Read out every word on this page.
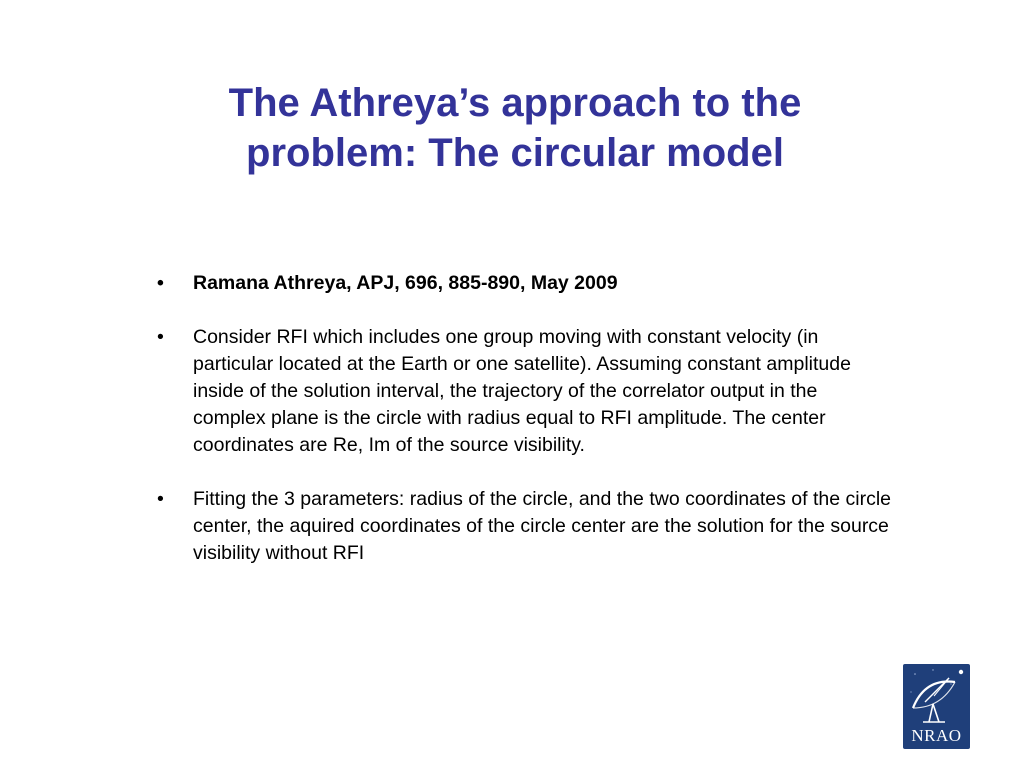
The Athreya’s approach to the
problem: The circular model
• Ramana Athreya, APJ, 696, 885-890, May 2009
• Consider RFI which includes one group moving with constant velocity (in particular located at the Earth or one satellite). Assuming constant amplitude inside of the solution interval, the trajectory of the correlator output in the complex plane is the circle with radius equal to RFI amplitude. The center coordinates are Re, Im of the source visibility.
• Fitting the 3 parameters: radius of the circle, and the two coordinates of the circle center, the aquired coordinates of the circle center are the solution for the source visibility without RFI
NRAO
